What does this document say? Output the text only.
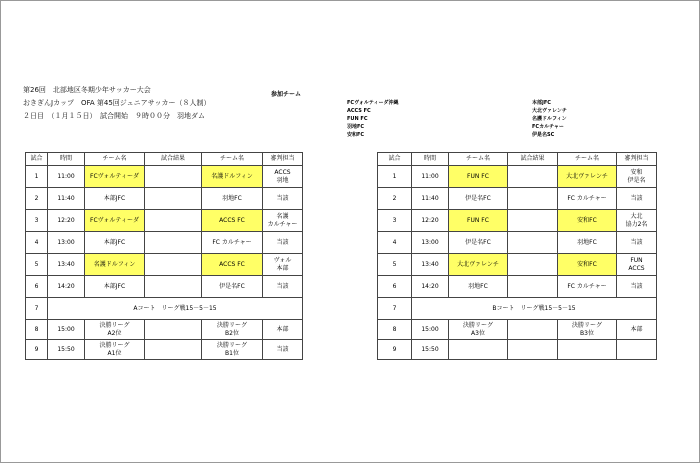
第26回　北部地区冬期少年サッカー大会
おきぎんJカップ　OFA 第45回ジュニアサッカー（８人制）
２日目　（１月１５日）　試合開始　９時００分　羽地ダム
参加チーム
FCヴォルティーダ沖縄
ACCS FC
FUN FC
羽地FC
安和FC
本部JFC
大北ヴァレンチ
名護ドルフィン
FCカルチャー
伊是名SC
試合	時間	チーム名	試合結果	チーム名	審判担当
1	11:00	FCヴォルティーダ		名護ドルフィン	ACCS
羽地

2	11:40	本部JFC		羽地FC	当該

3	12:20	FCヴォルティーダ		ACCS FC	名護
カルチャー

4	13:00	本部JFC		FC カルチャー	当該

5	13:40	名護ドルフィン		ACCS FC	ヴォル
本部

6	14:20	本部JFC		伊是名FC	当該

7	Aコート　リーグ戦15－5－15				
8	15:00	決勝リーグ
A2位		決勝リーグ
B2位	本部
9	15:50	決勝リーグ
A1位		決勝リーグ
B1位	当該
試合	時間	チーム名	試合結果	チーム名	審判担当
1	11:00	FUN FC		大北ヴァレンチ	安和
伊是名

2	11:40	伊是名FC		FC カルチャー	当該

3	12:20	FUN FC		安和FC	大北
協力2名

4	13:00	伊是名FC		羽地FC	当該

5	13:40	大北ヴァレンチ		安和FC	FUN
ACCS

6	14:20	羽地FC		FC カルチャー	当該

7	Bコート　リーグ戦15－5－15				
8	15:00	決勝リーグ
A3位		決勝リーグ
B3位	本部
9	15:50	
